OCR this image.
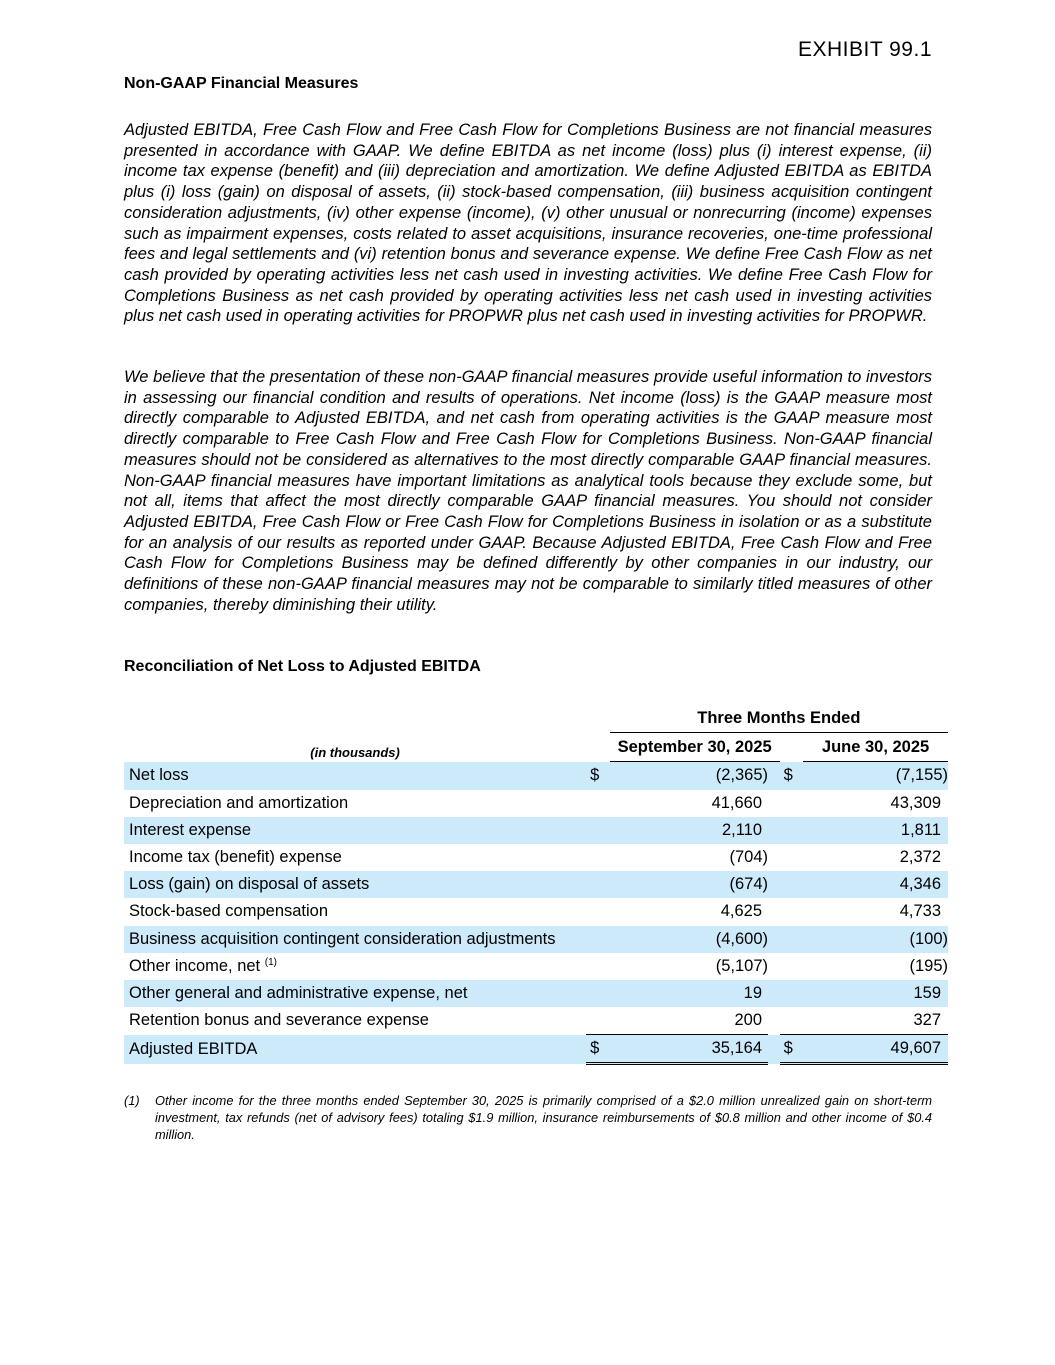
EXHIBIT 99.1
Non-GAAP Financial Measures

Adjusted EBITDA, Free Cash Flow and Free Cash Flow for Completions Business are not financial measures presented in accordance with GAAP. We define EBITDA as net income (loss) plus (i) interest expense, (ii) income tax expense (benefit) and (iii) depreciation and amortization. We define Adjusted EBITDA as EBITDA plus (i) loss (gain) on disposal of assets, (ii) stock-based compensation, (iii) business acquisition contingent consideration adjustments, (iv) other expense (income), (v) other unusual or nonrecurring (income) expenses such as impairment expenses, costs related to asset acquisitions, insurance recoveries, one-time professional fees and legal settlements and (vi) retention bonus and severance expense. We define Free Cash Flow as net cash provided by operating activities less net cash used in investing activities. We define Free Cash Flow for Completions Business as net cash provided by operating activities less net cash used in investing activities plus net cash used in operating activities for PROPWR plus net cash used in investing activities for PROPWR.

We believe that the presentation of these non-GAAP financial measures provide useful information to investors in assessing our financial condition and results of operations. Net income (loss) is the GAAP measure most directly comparable to Adjusted EBITDA, and net cash from operating activities is the GAAP measure most directly comparable to Free Cash Flow and Free Cash Flow for Completions Business. Non-GAAP financial measures should not be considered as alternatives to the most directly comparable GAAP financial measures. Non-GAAP financial measures have important limitations as analytical tools because they exclude some, but not all, items that affect the most directly comparable GAAP financial measures. You should not consider Adjusted EBITDA, Free Cash Flow or Free Cash Flow for Completions Business in isolation or as a substitute for an analysis of our results as reported under GAAP. Because Adjusted EBITDA, Free Cash Flow and Free Cash Flow for Completions Business may be defined differently by other companies in our industry, our definitions of these non-GAAP financial measures may not be comparable to similarly titled measures of other companies, thereby diminishing their utility.

Reconciliation of Net Loss to Adjusted EBITDA
		Three Months Ended			
(in thousands)		September 30, 2025			June 30, 2025
Net loss	$	(2,365)		$	(7,155)
Depreciation and amortization		41,660			43,309
Interest expense		2,110			1,811
Income tax (benefit) expense		(704)			2,372
Loss (gain) on disposal of assets		(674)			4,346
Stock-based compensation		4,625			4,733
Business acquisition contingent consideration adjustments		(4,600)			(100)
Other income, net $^{(1)}$		(5,107)			(195)
Other general and administrative expense, net		19			159
Retention bonus and severance expense		200			327
Adjusted EBITDA	$	35,164		$	49,607
(1) Other income for the three months ended September 30, 2025 is primarily comprised of a $2.0 million unrealized gain on short-term investment, tax refunds (net of advisory fees) totaling $1.9 million, insurance reimbursements of $0.8 million and other income of $0.4 million.
